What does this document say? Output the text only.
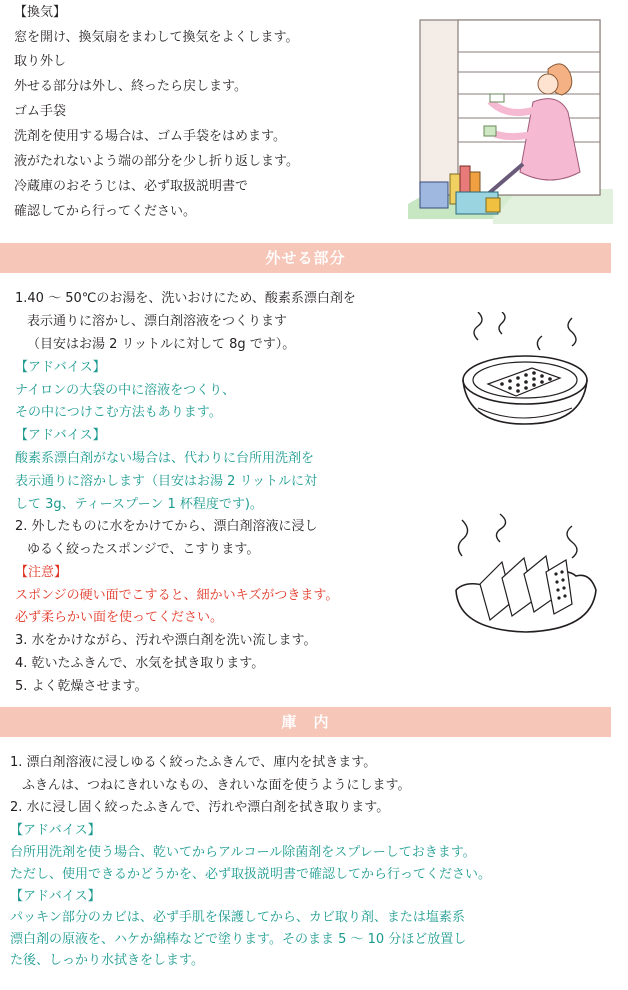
【換気】
窓を開け、換気扇をまわして換気をよくします。
取り外し
外せる部分は外し、終ったら戻します。
ゴム手袋
洗剤を使用する場合は、ゴム手袋をはめます。
液がたれないよう端の部分を少し折り返します。
冷蔵庫のおそうじは、必ず取扱説明書で
確認してから行ってください。
外せる部分
1.40 ～ 50℃のお湯を、洗いおけにため、酸素系漂白剤を
表示通りに溶かし、漂白剤溶液をつくります
（目安はお湯 2 リットルに対して 8g です）。
【アドバイス】
ナイロンの大袋の中に溶液をつくり、
その中につけこむ方法もあります。
【アドバイス】
酸素系漂白剤がない場合は、代わりに台所用洗剤を
表示通りに溶かします（目安はお湯 2 リットルに対
して 3g、ティースプーン 1 杯程度です)。
2. 外したものに水をかけてから、漂白剤溶液に浸し
ゆるく絞ったスポンジで、こすります。
【注意】
スポンジの硬い面でこすると、細かいキズがつきます。
必ず柔らかい面を使ってください。
3. 水をかけながら、汚れや漂白剤を洗い流します。
4. 乾いたふきんで、水気を拭き取ります。
5. よく乾燥させます。
庫　内
1. 漂白剤溶液に浸しゆるく絞ったふきんで、庫内を拭きます。
ふきんは、つねにきれいなもの、きれいな面を使うようにします。
2. 水に浸し固く絞ったふきんで、汚れや漂白剤を拭き取ります。
【アドバイス】
台所用洗剤を使う場合、乾いてからアルコール除菌剤をスプレーしておきます。
ただし、使用できるかどうかを、必ず取扱説明書で確認してから行ってください。
【アドバイス】
パッキン部分のカビは、必ず手肌を保護してから、カビ取り剤、または塩素系
漂白剤の原液を、ハケか綿棒などで塗ります。そのまま 5 ～ 10 分ほど放置し
た後、しっかり水拭きをします。
